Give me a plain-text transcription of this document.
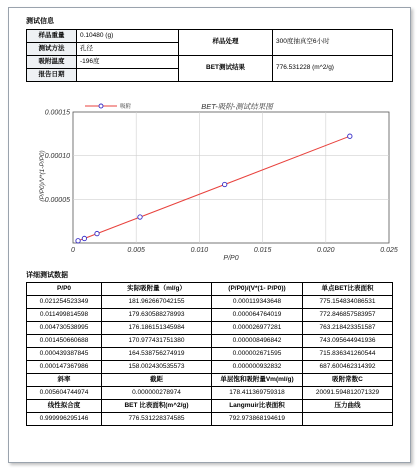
测试信息
样品重量	0.10480 (g)	样品处理	300度抽真空6小时
测试方法	孔径		
吸附温度	-196度	BET测试结果	776.531228 (m^2/g)
报告日期			
0	0.005	0.010	0.015	0.020	0.025
0.00005
0.00010
0.00015
BET-吸附-测试结果图
吸附
P/P0
(P/P0)/V*(1-P/P0)
详细测试数据
P/P0	实际吸附量（ml/g）	(P/P0)/(V*(1- P/P0))	单点BET比表面积
0.021254523349	181.962667042155	0.000119343648	775.154834086531
0.011499814598	179.630588278993	0.000064764019	772.846857583957
0.004730538995	176.186151345984	0.000026977281	763.218423351587
0.001450660688	170.977431751380	0.000008496842	743.095644941936
0.000439387845	164.538756274919	0.000002671595	715.836341260544
0.000147367986	158.002430535573	0.000000932832	687.600462314392
斜率	截距	单层饱和吸附量Vm(ml/g)	吸附常数C
0.005604744974	0.000000278974	178.411369759318	20091.594812071329
线性拟合度	BET 比表面积(m^2/g)	Langmuir比表面积	压力曲线
0.999996295146	776.531228374585	792.973868194619	
